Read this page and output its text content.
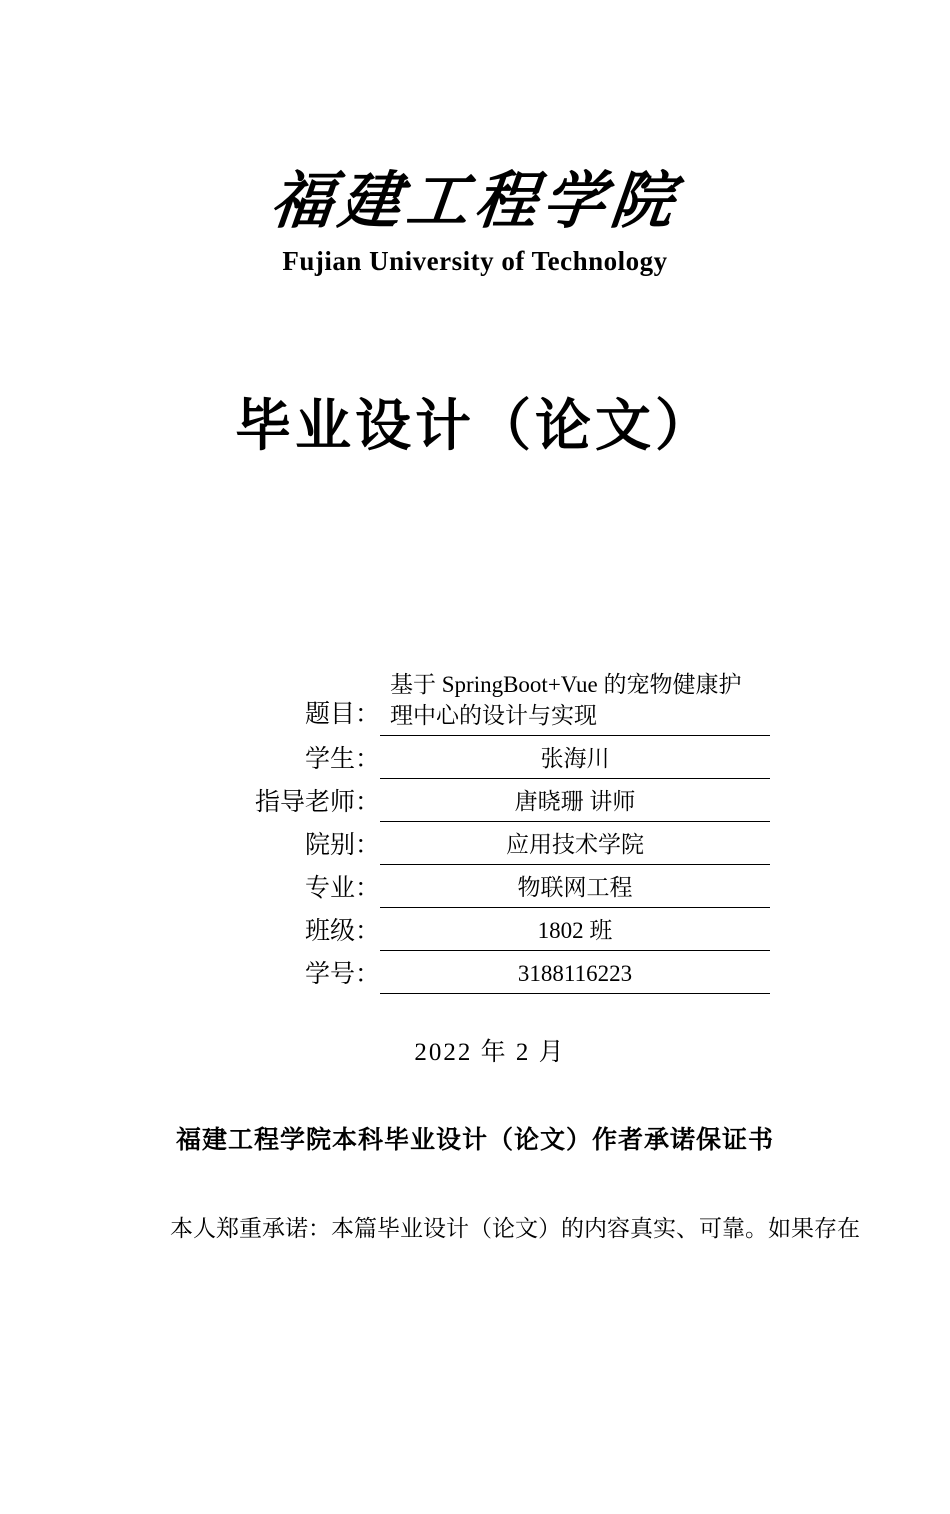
福建工程学院
Fujian University of Technology
毕业设计（论文）
题目：
基于 SpringBoot+Vue 的宠物健康护理中心的设计与实现
学生：	张海川
指导老师：	唐晓珊 讲师
院别：	应用技术学院
专业：	物联网工程
班级：	1802 班
学号：	3188116223
2022 年 2 月
福建工程学院本科毕业设计（论文）作者承诺保证书
本人郑重承诺：本篇毕业设计（论文）的内容真实、可靠。如果存在
